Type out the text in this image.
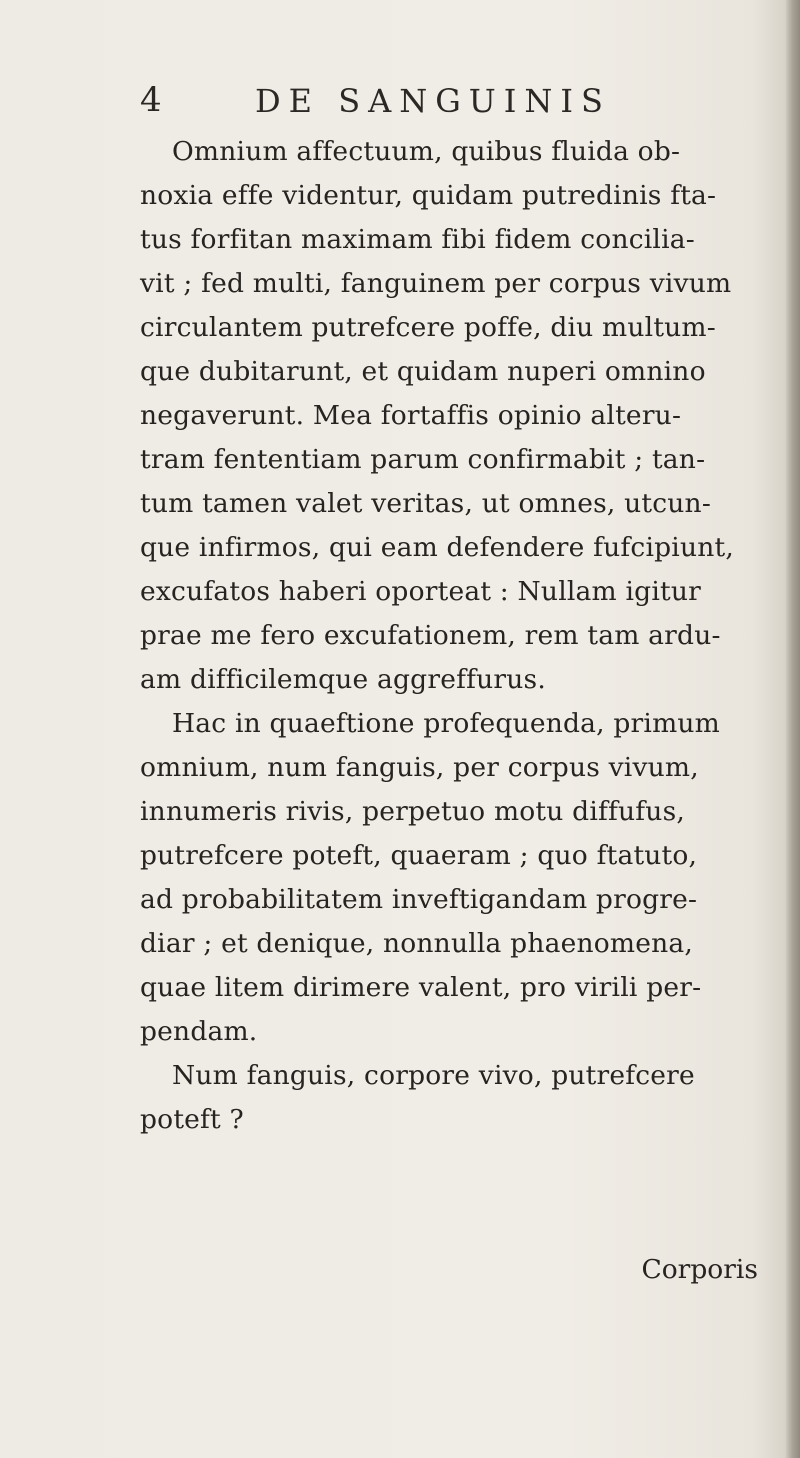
4	DE SANGUINIS
Omnium affectuum, quibus fluida ob-
noxia effe videntur, quidam putredinis fta-
tus forfitan maximam fibi fidem concilia-
vit ; fed multi, fanguinem per corpus vivum
circulantem putrefcere poffe, diu multum-
que dubitarunt, et quidam nuperi omnino
negaverunt. Mea fortaffis opinio alteru-
tram fententiam parum confirmabit ; tan-
tum tamen valet veritas, ut omnes, utcun-
que infirmos, qui eam defendere fufcipiunt,
excufatos haberi oporteat : Nullam igitur
prae me fero excufationem, rem tam ardu-
am difficilemque aggreffurus.
Hac in quaeftione profequenda, primum
omnium, num fanguis, per corpus vivum,
innumeris rivis, perpetuo motu diffufus,
putrefcere poteft, quaeram ; quo ftatuto,
ad probabilitatem inveftigandam progre-
diar ; et denique, nonnulla phaenomena,
quae litem dirimere valent, pro virili per-
pendam.
Num fanguis, corpore vivo, putrefcere
poteft ?
Corporis
